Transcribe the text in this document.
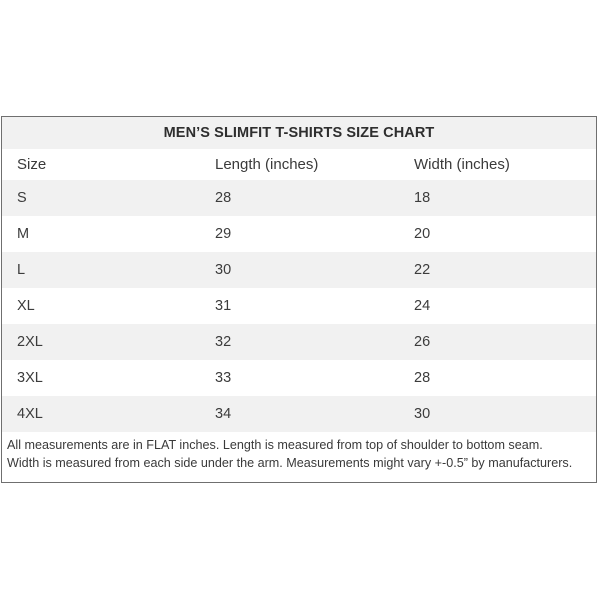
MEN’S SLIMFIT T-SHIRTS SIZE CHART
Size	Length (inches)	Width (inches)
S	28	18
M	29	20
L	30	22
XL	31	24
2XL	32	26
3XL	33	28
4XL	34	30
All measurements are in FLAT inches. Length is measured from top of shoulder to bottom seam.
Width is measured from each side under the arm. Measurements might vary +-0.5” by manufacturers.
